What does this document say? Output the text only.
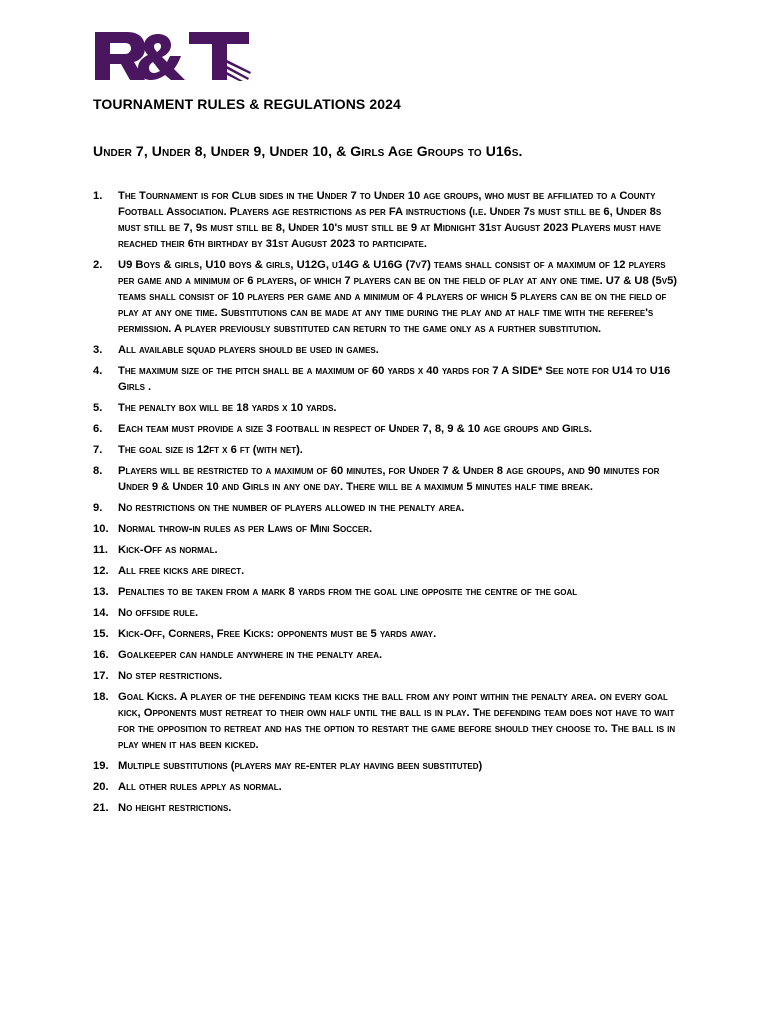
TOURNAMENT RULES & REGULATIONS 2024
Under 7, Under 8, Under 9, Under 10, & Girls Age Groups to U16s.
1. The Tournament is for Club sides in the Under 7 to Under 10 age groups, who must be affiliated to a County Football Association. Players age restrictions as per FA instructions (i.e. Under 7s must still be 6, Under 8s must still be 7, 9s must still be 8, Under 10's must still be 9 at Midnight 31st August 2023 Players must have reached their 6th birthday by 31st August 2023 to participate.
2. U9 Boys & girls, U10 boys & girls, U12G, u14G & U16G (7v7) teams shall consist of a maximum of 12 players per game and a minimum of 6 players, of which 7 players can be on the field of play at any one time. U7 & U8 (5v5) teams shall consist of 10 players per game and a minimum of 4 players of which 5 players can be on the field of play at any one time. Substitutions can be made at any time during the play and at half time with the referee's permission. A player previously substituted can return to the game only as a further substitution.
3. All available squad players should be used in games.
4. The maximum size of the pitch shall be a maximum of 60 yards x 40 yards for 7 A SIDE* See note for U14 to U16 Girls .
5. The penalty box will be 18 yards x 10 yards.
6. Each team must provide a size 3 football in respect of Under 7, 8, 9 & 10 age groups and Girls.
7. The goal size is 12ft x 6 ft (with net).
8. Players will be restricted to a maximum of 60 minutes, for Under 7 & Under 8 age groups, and 90 minutes for Under 9 & Under 10 and Girls in any one day. There will be a maximum 5 minutes half time break.
9. No restrictions on the number of players allowed in the penalty area.
10. Normal throw-in rules as per Laws of Mini Soccer.
11. Kick-Off as normal.
12. All free kicks are direct.
13. Penalties to be taken from a mark 8 yards from the goal line opposite the centre of the goal
14. No offside rule.
15. Kick-Off, Corners, Free Kicks: opponents must be 5 yards away.
16. Goalkeeper can handle anywhere in the penalty area.
17. No step restrictions.
18. Goal Kicks. A player of the defending team kicks the ball from any point within the penalty area. on every goal kick, Opponents must retreat to their own half until the ball is in play. The defending team does not have to wait for the opposition to retreat and has the option to restart the game before should they choose to. The ball is in play when it has been kicked.
19. Multiple substitutions (players may re-enter play having been substituted)
20. All other rules apply as normal.
21. No height restrictions.
